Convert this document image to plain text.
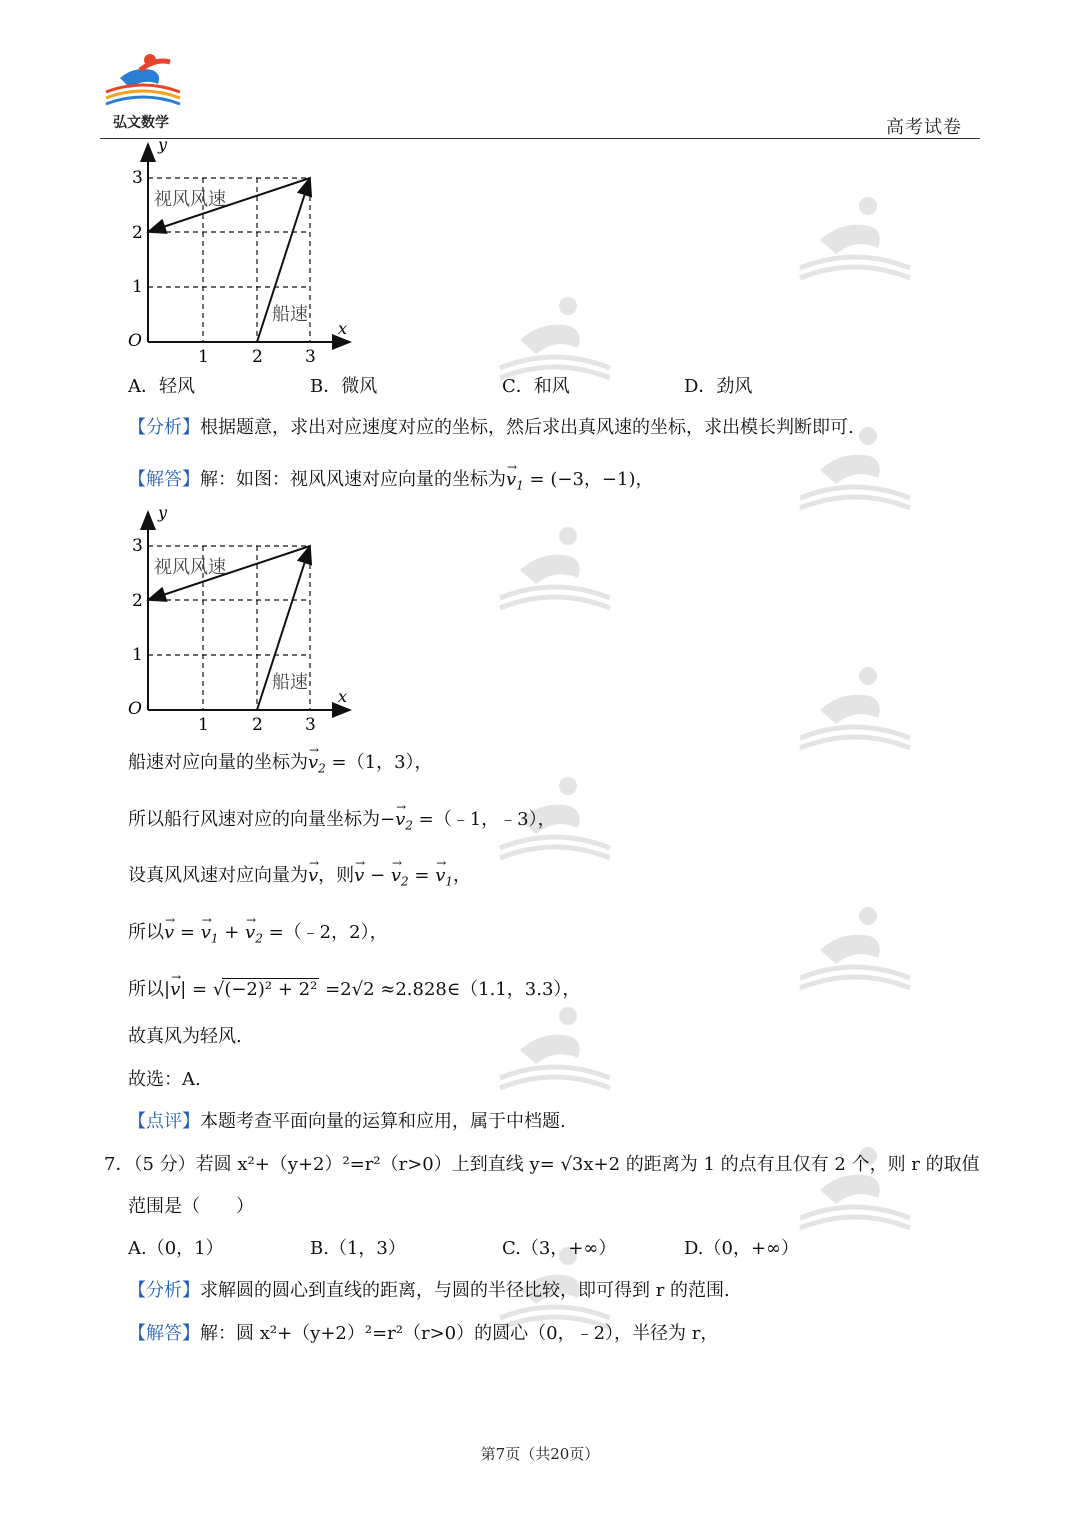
弘文数学	高考试卷
y
x
O
3
2
1
1	2 3
视风风速
船速
A．轻风	B．微风	C．和风	D．劲风
【分析】根据题意，求出对应速度对应的坐标，然后求出真风速的坐标，求出模长判断即可.
【解答】解：如图：视风风速对应向量的坐标为→ $v_1 = (-3$，−1)，
y
x
O
3
2
1
1	2 3
视风风速
船速
船速对应向量的坐标为→ $v_2 =(1$，3），
所以船行风速对应的向量坐标为−→ $v_2$ =（﹣1，﹣3），
设真风风速对应向量为→ v，则→ v − → $v_2$ = → $v_1$，
所以→ v = → $v_1$ + → $v_2$ =（﹣2，2），
所以|→ v| = √(−2)² + 2² =2√2 ≈2.828∈（1.1，3.3），
故真风为轻风.
故选：A.
【点评】本题考查平面向量的运算和应用，属于中档题.
7．（5 分）若圆 x²+（y+2）²=r²（r>0）上到直线 y= √3x+2 的距离为 1 的点有且仅有 2 个，则 r 的取值
范围是（　　）
A.（0，1）	B.（1，3）	C.（3，+∞）	D.（0，+∞）
【分析】求解圆的圆心到直线的距离，与圆的半径比较，即可得到 r 的范围.
【解答】解：圆 x²+（y+2）²=r²（r>0）的圆心（0，﹣2），半径为 r，
第7页（共20页）
